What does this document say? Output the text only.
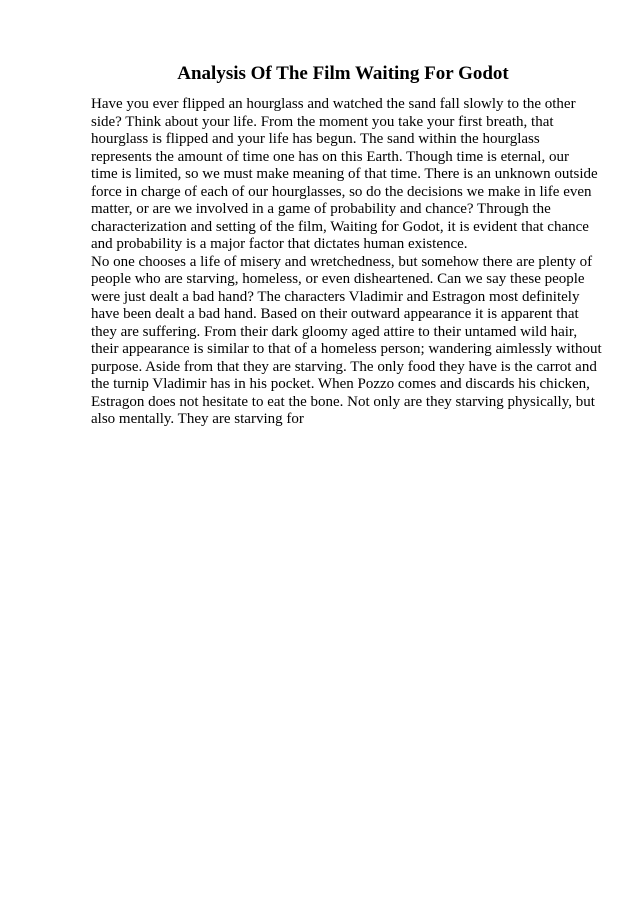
Analysis Of The Film Waiting For Godot
Have you ever flipped an hourglass and watched the sand fall slowly to the other
side? Think about your life. From the moment you take your first breath, that
hourglass is flipped and your life has begun. The sand within the hourglass
represents the amount of time one has on this Earth. Though time is eternal, our
time is limited, so we must make meaning of that time. There is an unknown outside
force in charge of each of our hourglasses, so do the decisions we make in life even
matter, or are we involved in a game of probability and chance? Through the
characterization and setting of the film, Waiting for Godot, it is evident that chance
and probability is a major factor that dictates human existence.
No one chooses a life of misery and wretchedness, but somehow there are plenty of
people who are starving, homeless, or even disheartened. Can we say these people
were just dealt a bad hand? The characters Vladimir and Estragon most definitely
have been dealt a bad hand. Based on their outward appearance it is apparent that
they are suffering. From their dark gloomy aged attire to their untamed wild hair,
their appearance is similar to that of a homeless person; wandering aimlessly without
purpose. Aside from that they are starving. The only food they have is the carrot and
the turnip Vladimir has in his pocket. When Pozzo comes and discards his chicken,
Estragon does not hesitate to eat the bone. Not only are they starving physically, but
also mentally. They are starving for
